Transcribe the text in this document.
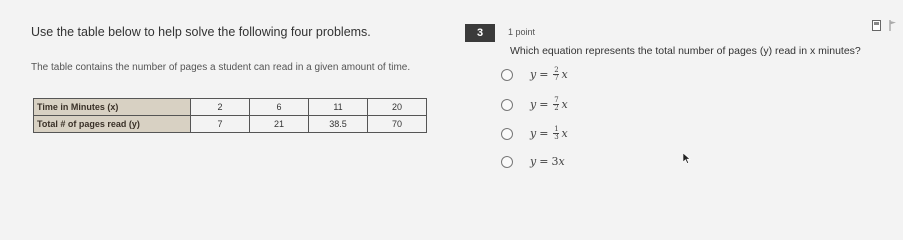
Use the table below to help solve the following four problems.
The table contains the number of pages a student can read in a given amount of time.
Time in Minutes (x)	2	6	11	20
Total # of pages read (y)	7	21	38.5	70
3	1 point
Which equation represents the total number of pages (y) read in x minutes?
$y = \frac{2}{7}$ x
$y = \frac{7}{2}$ x
$y = \frac{1}{3}$ x
y = 3 x
